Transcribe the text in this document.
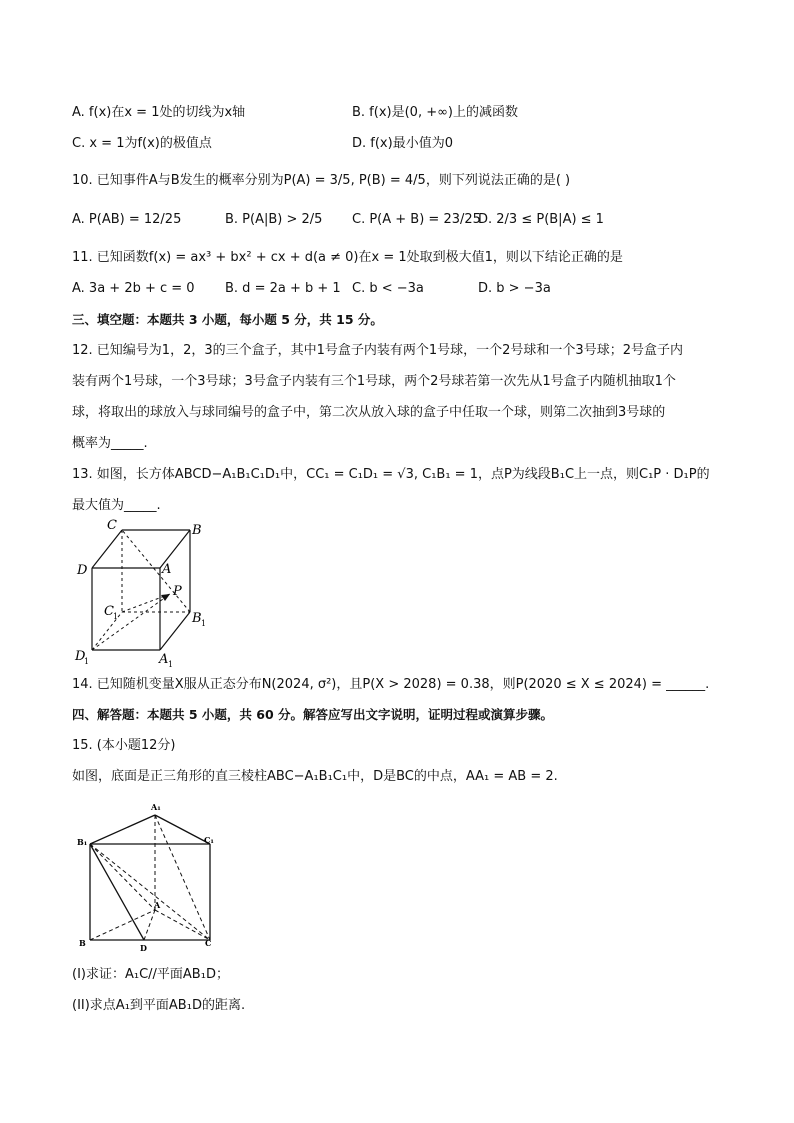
A. f(x)在x = 1处的切线为x轴	B. f(x)是(0, +∞)上的减函数
C. x = 1为f(x)的极值点	D. f(x)最小值为0
10. 已知事件A与B发生的概率分别为P(A) = 3/5, P(B) = 4/5，则下列说法正确的是( )
A. P(AB) = 12/25	B. P(A|B) > 2/5 C. P(A + B) = 23/25
D. 2/3 ≤ P(B|A) ≤ 1
11. 已知函数f(x) = ax³ + bx² + cx + d(a ≠ 0)在x = 1处取到极大值1，则以下结论正确的是
A. 3a + 2b + c = 0 B. d = 2a + b + 1 C. b < −3a	D. b > −3a
三、填空题：本题共 3 小题，每小题 5 分，共 15 分。
12. 已知编号为1，2，3的三个盒子，其中1号盒子内装有两个1号球，一个2号球和一个3号球；2号盒子内
装有两个1号球，一个3号球；3号盒子内装有三个1号球，两个2号球若第一次先从1号盒子内随机抽取1个
球，将取出的球放入与球同编号的盒子中，第二次从放入球的盒子中任取一个球，则第二次抽到3号球的
概率为_____.
13. 如图，长方体ABCD−A₁B₁C₁D₁中，CC₁ = C₁D₁ = √3, C₁B₁ = 1，点P为线段B₁C上一点，则C₁P · D₁P的
最大值为_____.
C	B
D	A
P
C 1	B 1
D
1	A 1
14. 已知随机变量X服从正态分布N(2024, σ²)，且P(X > 2028) = 0.38，则P(2020 ≤ X ≤ 2024) = ______.
四、解答题：本题共 5 小题，共 60 分。解答应写出文字说明，证明过程或演算步骤。
15. (本小题12分)
如图，底面是正三角形的直三棱柱ABC−A₁B₁C₁中，D是BC的中点，AA₁ = AB = 2.
A₁
B₁	C₁
A
B	D	C
(I)求证：A₁C//平面AB₁D；
(II)求点A₁到平面AB₁D的距离.
